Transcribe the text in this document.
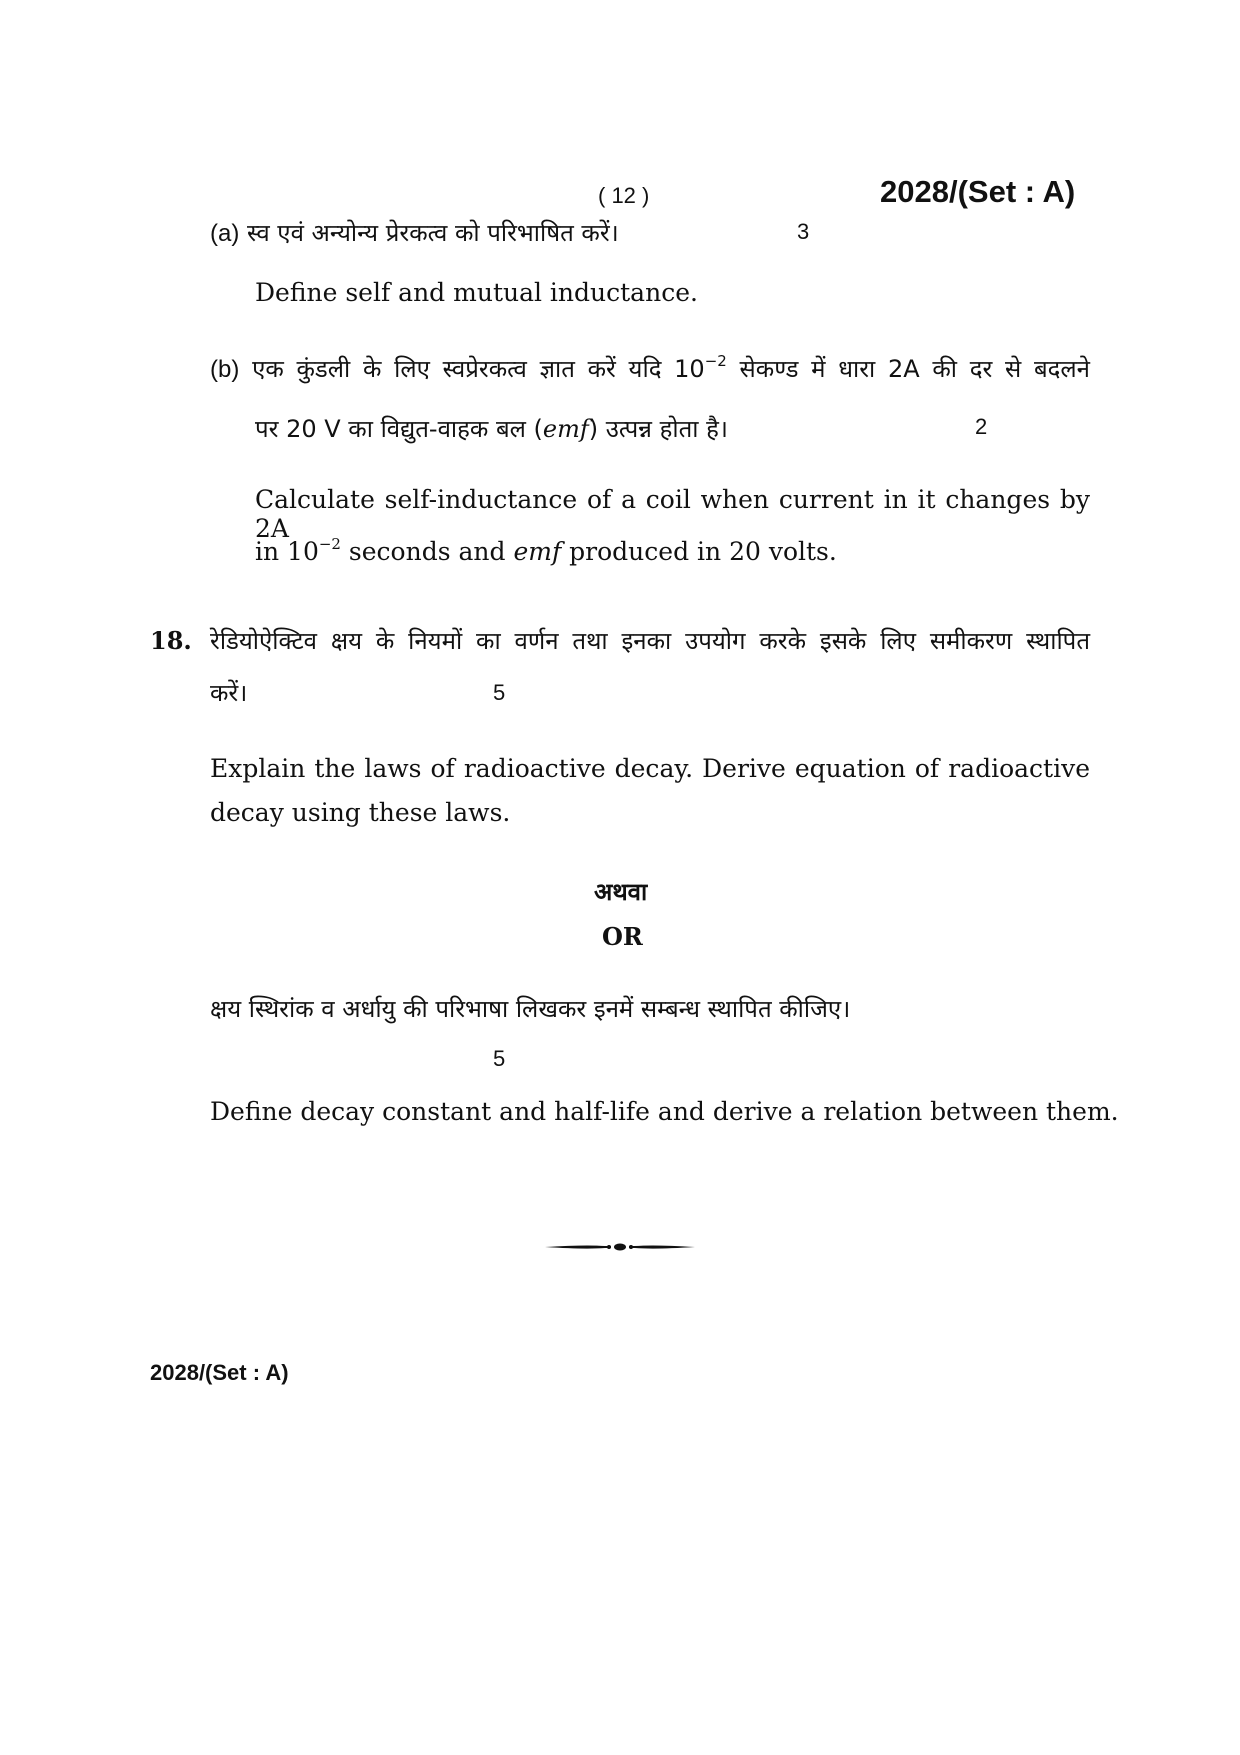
( 12 )	2028/(Set : A)
(a) स्व एवं अन्योन्य प्रेरकत्व को परिभाषित करें।	3
Define self and mutual inductance.
(b) एक कुंडली के लिए स्वप्रेरकत्व ज्ञात करें यदि $10^{-2}$ सेकण्ड में धारा 2A की दर से बदलने
पर 20 V का विद्युत-वाहक बल (emf) उत्पन्न होता है।	2
Calculate self-inductance of a coil when current in it changes by 2A
in $10^{-2}$ seconds and emf produced in 20 volts.
18. रेडियोऐक्टिव क्षय के नियमों का वर्णन तथा इनका उपयोग करके इसके लिए समीकरण स्थापित
करें।	5
Explain the laws of radioactive decay. Derive equation of radioactive
decay using these laws.
अथवा
OR
क्षय स्थिरांक व अर्धायु की परिभाषा लिखकर इनमें सम्बन्ध स्थापित कीजिए।
5
Define decay constant and half-life and derive a relation between them.
2028/(Set : A)
